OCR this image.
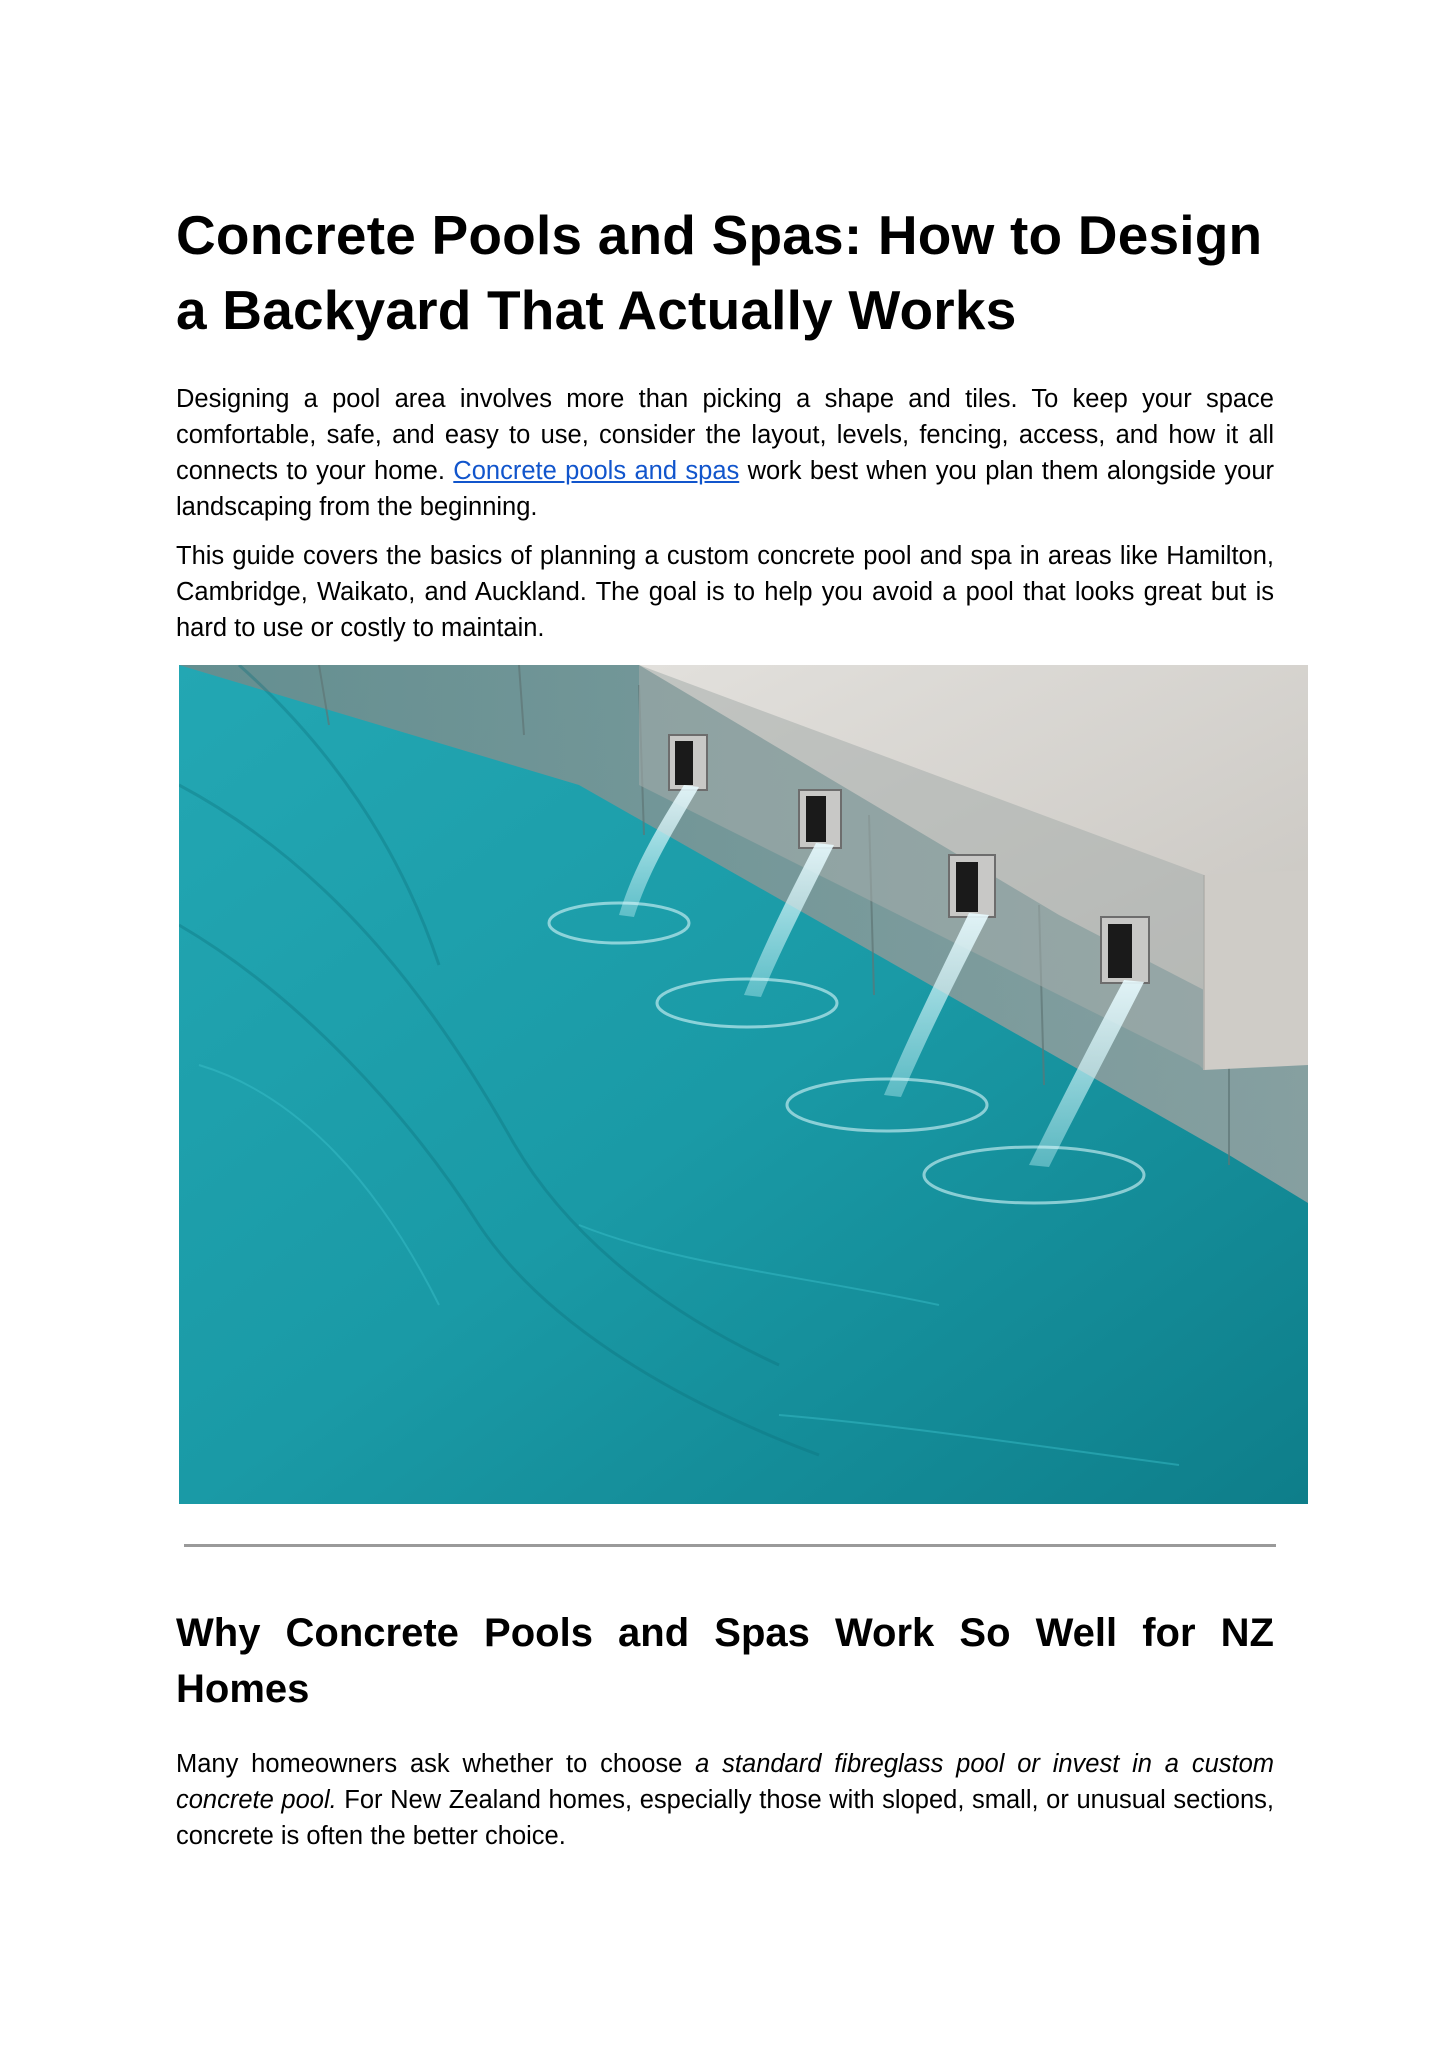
Concrete Pools and Spas: How to Design a Backyard That Actually Works

Designing a pool area involves more than picking a shape and tiles. To keep your space comfortable, safe, and easy to use, consider the layout, levels, fencing, access, and how it all connects to your home. Concrete pools and spas work best when you plan them alongside your landscaping from the beginning.

This guide covers the basics of planning a custom concrete pool and spa in areas like Hamilton, Cambridge, Waikato, and Auckland. The goal is to help you avoid a pool that looks great but is hard to use or costly to maintain.

Why Concrete Pools and Spas Work So Well for NZ Homes

Many homeowners ask whether to choose a standard fibreglass pool or invest in a custom concrete pool. For New Zealand homes, especially those with sloped, small, or unusual sections, concrete is often the better choice.
